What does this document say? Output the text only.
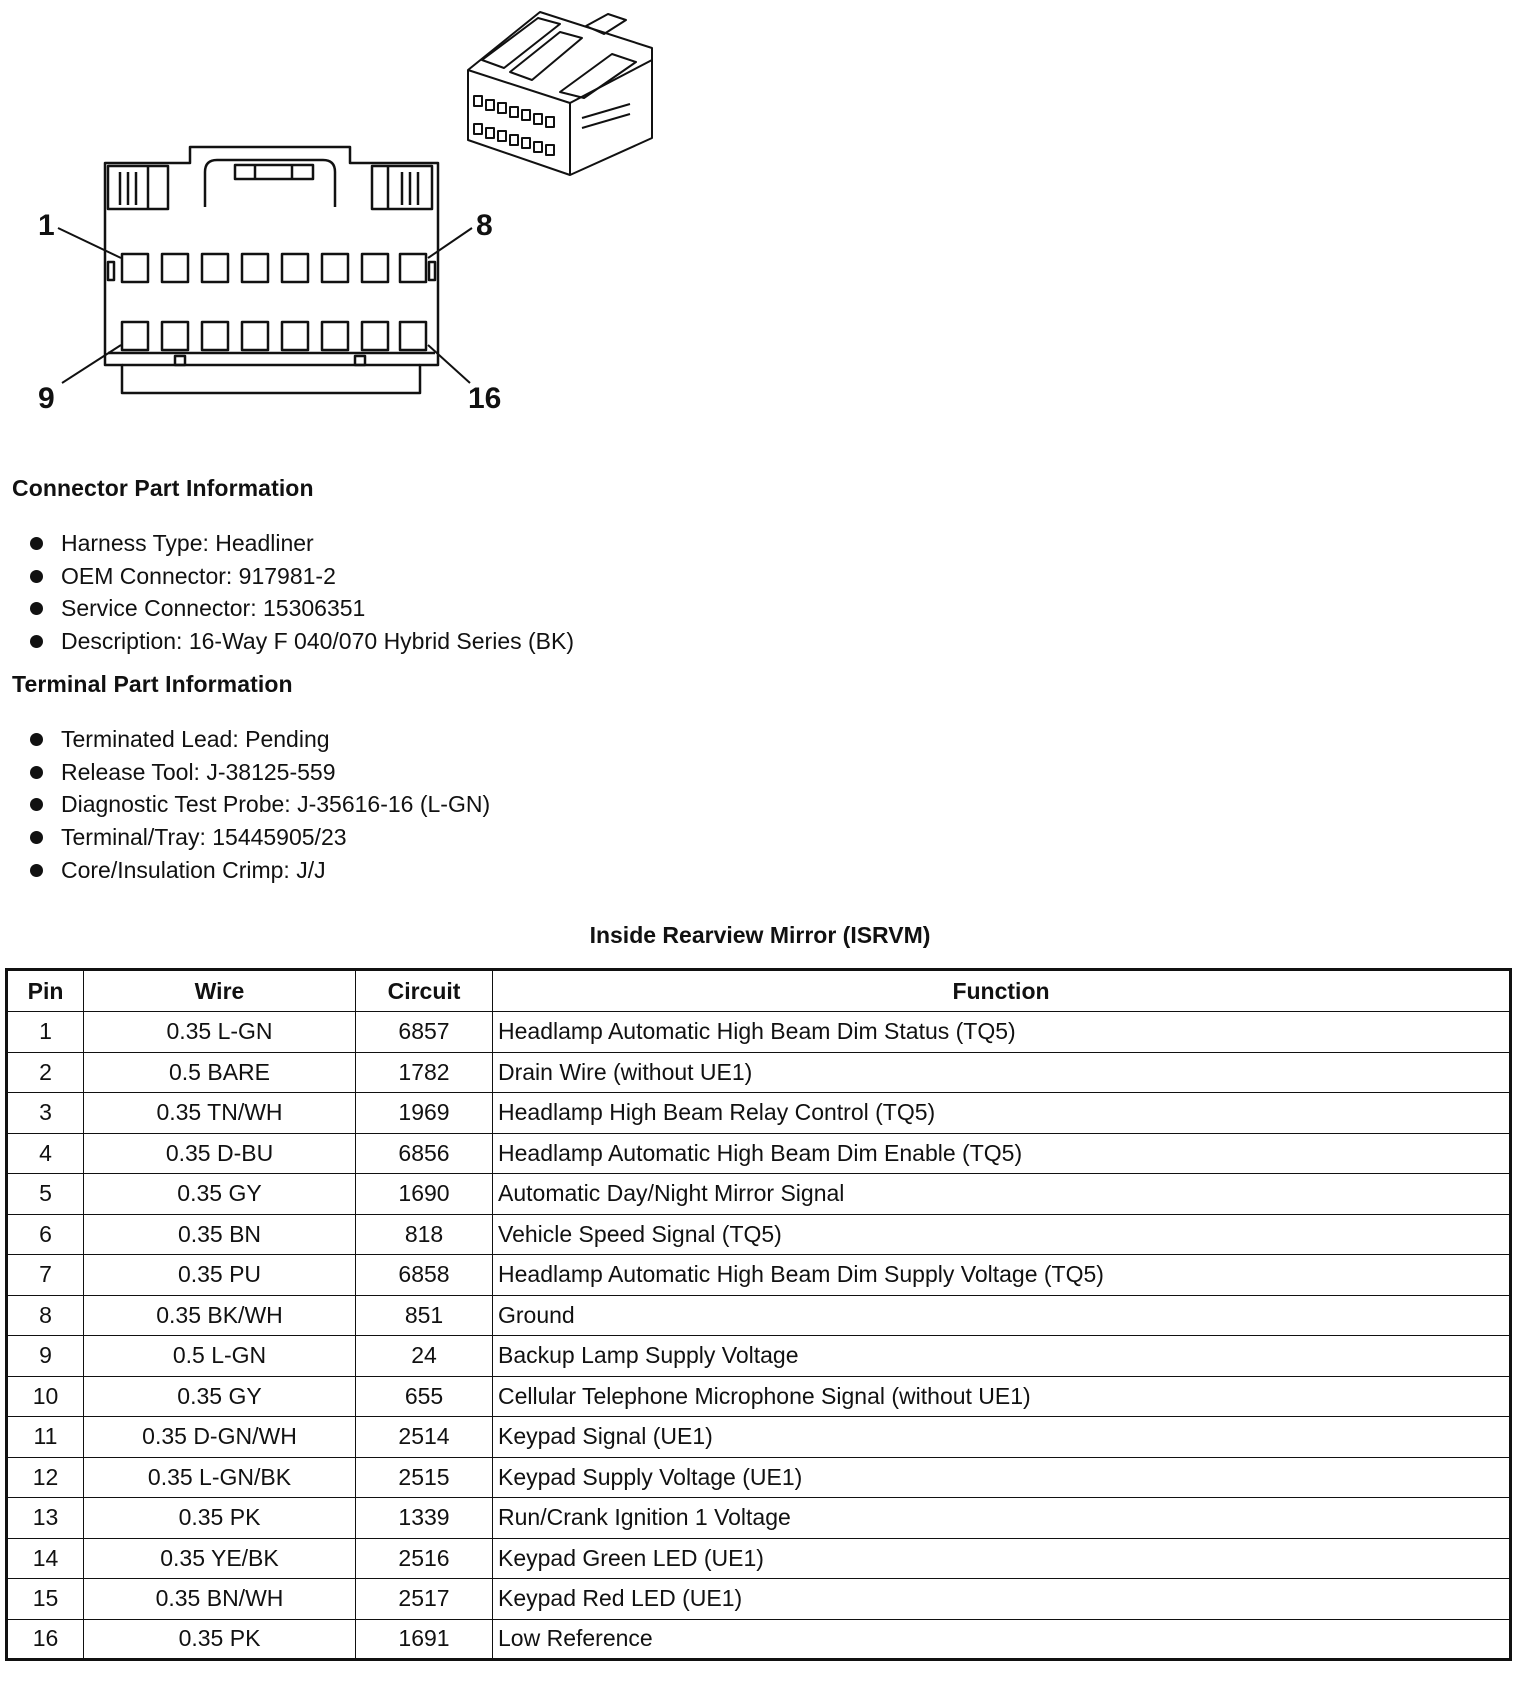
1	8
9	16
Connector Part Information
Harness Type: Headliner
OEM Connector: 917981-2
Service Connector: 15306351
Description: 16-Way F 040/070 Hybrid Series (BK)
Terminal Part Information
Terminated Lead: Pending
Release Tool: J-38125-559
Diagnostic Test Probe: J-35616-16 (L-GN)
Terminal/Tray: 15445905/23
Core/Insulation Crimp: J/J
Inside Rearview Mirror (ISRVM)
Pin	Wire	Circuit	Function
1	0.35 L-GN	6857	Headlamp Automatic High Beam Dim Status (TQ5)
2	0.5 BARE	1782	Drain Wire (without UE1)
3	0.35 TN/WH	1969	Headlamp High Beam Relay Control (TQ5)
4	0.35 D-BU	6856	Headlamp Automatic High Beam Dim Enable (TQ5)
5	0.35 GY	1690	Automatic Day/Night Mirror Signal
6	0.35 BN	818	Vehicle Speed Signal (TQ5)
7	0.35 PU	6858	Headlamp Automatic High Beam Dim Supply Voltage (TQ5)
8	0.35 BK/WH	851	Ground
9	0.5 L-GN	24	Backup Lamp Supply Voltage
10	0.35 GY	655	Cellular Telephone Microphone Signal (without UE1)
11	0.35 D-GN/WH	2514	Keypad Signal (UE1)
12	0.35 L-GN/BK	2515	Keypad Supply Voltage (UE1)
13	0.35 PK	1339	Run/Crank Ignition 1 Voltage
14	0.35 YE/BK	2516	Keypad Green LED (UE1)
15	0.35 BN/WH	2517	Keypad Red LED (UE1)
16	0.35 PK	1691	Low Reference
